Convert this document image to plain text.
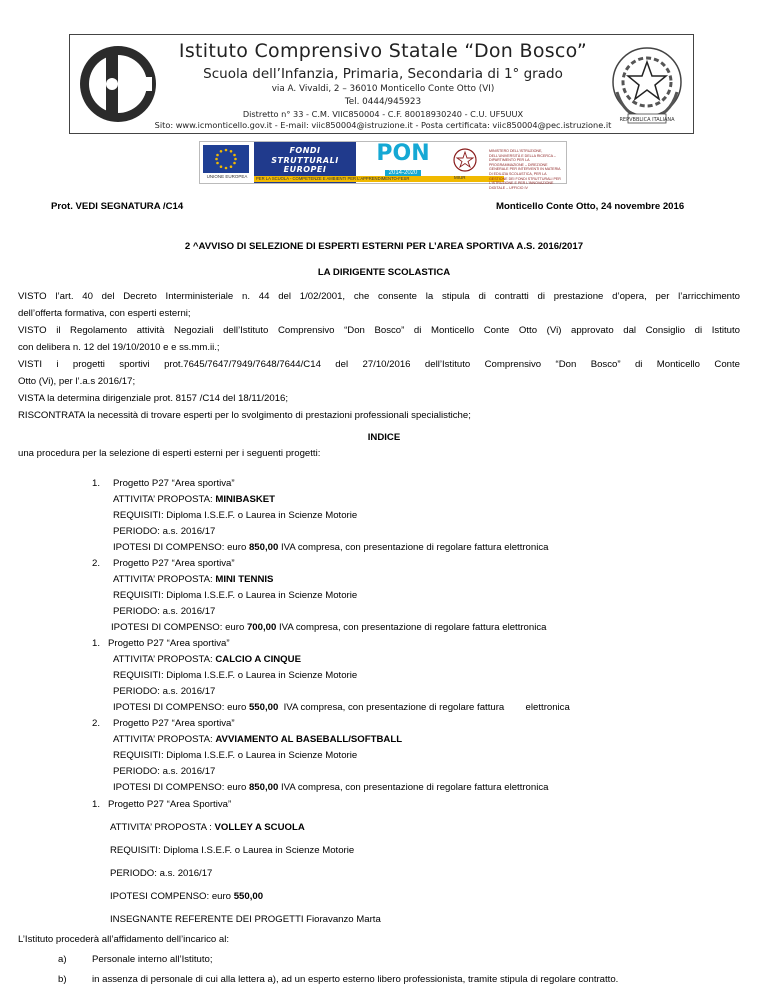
REPVBBLICA ITALIANA
Istituto Comprensivo Statale “Don Bosco”
Scuola dell’Infanzia, Primaria, Secondaria di 1° grado
via A. Vivaldi, 2 – 36010 Monticello Conte Otto (VI)
Tel. 0444/945923
Distretto n° 33 - C.M. VIIC850004 - C.F. 80018930240 - C.U. UF5UUX
Sito: www.icmonticello.gov.it - E-mail: viic850004@istruzione.it - Posta certificata: viic850004@pec.istruzione.it
UNIONE EUROPEA
FONDI
STRUTTURALI
EUROPEI
PER LA SCUOLA - COMPETENZE E AMBIENTI PER L'APPRENDIMENTO-FESR
PON
2014-2020
MIUR
MINISTERO DELL'ISTRUZIONE, DELL'UNIVERSITÀ E DELLA RICERCA – DIPARTIMENTO PER LA PROGRAMMAZIONE – DIREZIONE GENERALE PER INTERVENTI IN MATERIA DI EDILIZIA SCOLASTICA, PER LA GESTIONE DEI FONDI STRUTTURALI PER L'ISTRUZIONE E PER L'INNOVAZIONE DIGITALE – UFFICIO IV
Prot. VEDI SEGNATURA /C14	Monticello Conte Otto, 24 novembre 2016
2 ^AVVISO DI SELEZIONE DI ESPERTI ESTERNI PER L’AREA SPORTIVA A.S. 2016/2017
LA DIRIGENTE SCOLASTICA
VISTO l’art. 40 del Decreto Interministeriale n. 44 del 1/02/2001, che consente la stipula di contratti di prestazione d’opera, per l’arricchimento
dell’offerta formativa, con esperti esterni;
VISTO il Regolamento attività Negoziali dell’Istituto Comprensivo “Don Bosco” di Monticello Conte Otto (Vi) approvato dal Consiglio di Istituto
con delibera n. 12 del 19/10/2010 e e ss.mm.ii.;
VISTI i progetti sportivi prot.7645/7647/7949/7648/7644/C14 del 27/10/2016 dell’Istituto Comprensivo “Don Bosco” di Monticello Conte
Otto (Vi), per l’.a.s 2016/17;
VISTA la determina dirigenziale prot. 8157 /C14 del 18/11/2016;
RISCONTRATA la necessità di trovare esperti per lo svolgimento di prestazioni professionali specialistiche;
INDICE
una procedura per la selezione di esperti esterni per i seguenti progetti:
1. Progetto P27 “Area sportiva”
ATTIVITA’ PROPOSTA: MINIBASKET
REQUISITI: Diploma I.S.E.F. o Laurea in Scienze Motorie
PERIODO: a.s. 2016/17
IPOTESI DI COMPENSO: euro 850,00 IVA compresa, con presentazione di regolare fattura elettronica
2. Progetto P27 “Area sportiva”
ATTIVITA’ PROPOSTA: MINI TENNIS
REQUISITI: Diploma I.S.E.F. o Laurea in Scienze Motorie
PERIODO: a.s. 2016/17
IPOTESI DI COMPENSO: euro 700,00 IVA compresa, con presentazione di regolare fattura elettronica
1. Progetto P27 “Area sportiva”
ATTIVITA’ PROPOSTA: CALCIO A CINQUE
REQUISITI: Diploma I.S.E.F. o Laurea in Scienze Motorie
PERIODO: a.s. 2016/17
IPOTESI DI COMPENSO: euro 550,00  IVA compresa, con presentazione di regolare fattura        elettronica
2. Progetto P27 “Area sportiva”
ATTIVITA’ PROPOSTA: AVVIAMENTO AL BASEBALL/SOFTBALL
REQUISITI: Diploma I.S.E.F. o Laurea in Scienze Motorie
PERIODO: a.s. 2016/17
IPOTESI DI COMPENSO: euro 850,00 IVA compresa, con presentazione di regolare fattura elettronica
1. Progetto P27 “Area Sportiva”
ATTIVITA’ PROPOSTA : VOLLEY A SCUOLA
REQUISITI: Diploma I.S.E.F. o Laurea in Scienze Motorie
PERIODO: a.s. 2016/17
IPOTESI COMPENSO: euro 550,00
INSEGNANTE REFERENTE DEI PROGETTI Fioravanzo Marta
L’Istituto procederà all’affidamento dell’incarico al:
a)	Personale interno all’Istituto;
b)	in assenza di personale di cui alla lettera a), ad un esperto esterno libero professionista, tramite stipula di regolare contratto.
